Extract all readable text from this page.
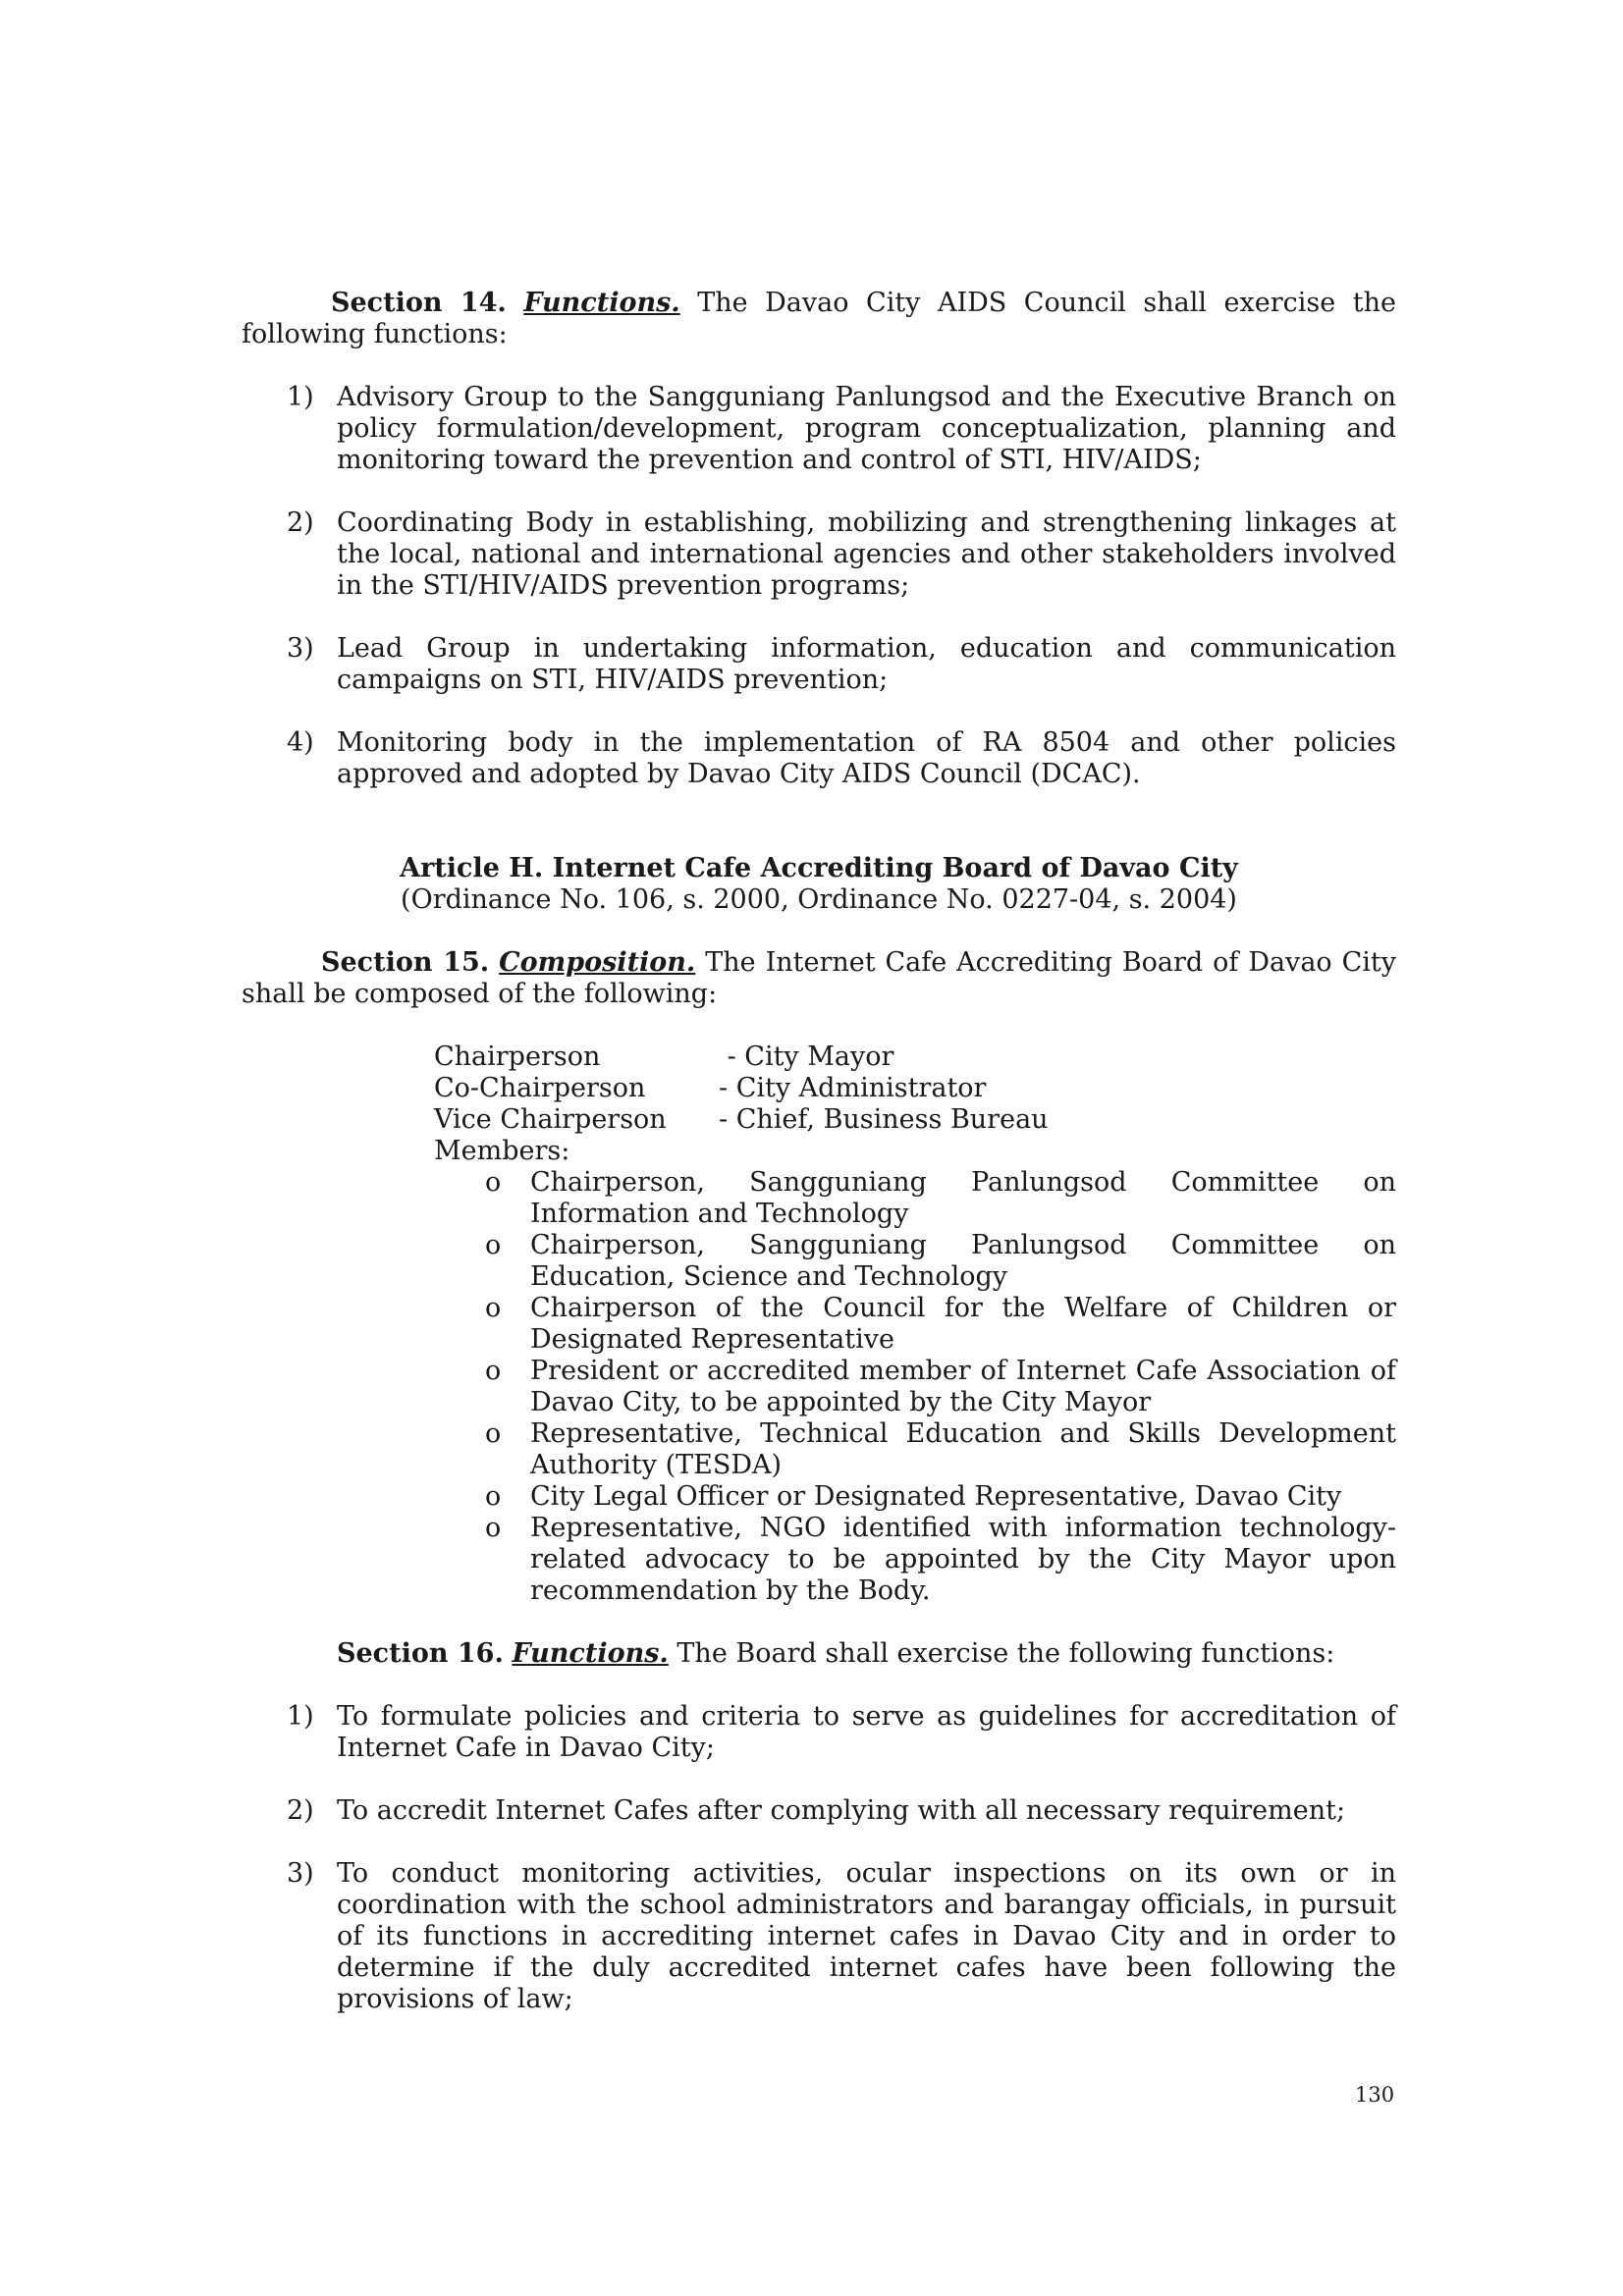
Section 14. Functions. The Davao City AIDS Council shall exercise the following functions:

1) Advisory Group to the Sangguniang Panlungsod and the Executive Branch on policy formulation/development, program conceptualization, planning and monitoring toward the prevention and control of STI, HIV/AIDS;
2) Coordinating Body in establishing, mobilizing and strengthening linkages at the local, national and international agencies and other stakeholders involved in the STI/HIV/AIDS prevention programs;
3) Lead Group in undertaking information, education and communication campaigns on STI, HIV/AIDS prevention;
4) Monitoring body in the implementation of RA 8504 and other policies approved and adopted by Davao City AIDS Council (DCAC).
Article H. Internet Cafe Accrediting Board of Davao City
(Ordinance No. 106, s. 2000, Ordinance No. 0227-04, s. 2004)

Section 15. Composition. The Internet Cafe Accrediting Board of Davao City shall be composed of the following:

Chairperson	- City Mayor
Co-Chairperson	- City Administrator
Vice Chairperson	- Chief, Business Bureau
Members:
o Chairperson, Sangguniang Panlungsod Committee on Information and Technology
o Chairperson, Sangguniang Panlungsod Committee on Education, Science and Technology
o Chairperson of the Council for the Welfare of Children or Designated Representative
o President or accredited member of Internet Cafe Association of Davao City, to be appointed by the City Mayor
o Representative, Technical Education and Skills Development Authority (TESDA)
o City Legal Officer or Designated Representative, Davao City
o Representative, NGO identified with information technology-related advocacy to be appointed by the City Mayor upon recommendation by the Body.

Section 16. Functions. The Board shall exercise the following functions:

1) To formulate policies and criteria to serve as guidelines for accreditation of Internet Cafe in Davao City;
2) To accredit Internet Cafes after complying with all necessary requirement;
3) To conduct monitoring activities, ocular inspections on its own or in coordination with the school administrators and barangay officials, in pursuit of its functions in accrediting internet cafes in Davao City and in order to determine if the duly accredited internet cafes have been following the provisions of law;
130
